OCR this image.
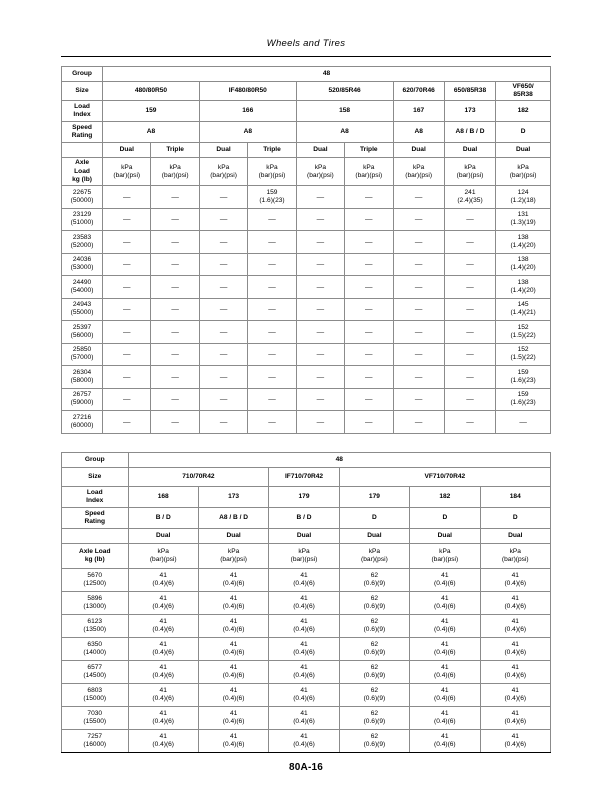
Wheels and Tires
Group	48								
Size	480/80R50		IF480/80R50		520/85R46		620/70R46	650/85R38	VF650/
85R38

Load
Index	159		166		158		167	173	182

Speed
Rating	A8		A8		A8		A8	A8 / B / D	D
	Dual	Triple	Dual	Triple	Dual	Triple	Dual	Dual	Dual

Axle
Load
kg (lb)	kPa
(bar)(psi)	kPa
(bar)(psi)	kPa
(bar)(psi)	kPa
(bar)(psi)	kPa
(bar)(psi)	kPa
(bar)(psi)	kPa
(bar)(psi)	kPa
(bar)(psi)	kPa
(bar)(psi)

22675
(50000)	—	—	—	159
(1.6)(23)	—	—	—	241
(2.4)(35)	124
(1.2)(18)

23129
(51000)	—	—	—	—	—	—	—	—	131
(1.3)(19)

23583
(52000)	—	—	—	—	—	—	—	—	138
(1.4)(20)

24036
(53000)	—	—	—	—	—	—	—	—	138
(1.4)(20)

24490
(54000)	—	—	—	—	—	—	—	—	138
(1.4)(20)

24943
(55000)	—	—	—	—	—	—	—	—	145
(1.4)(21)

25397
(56000)	—	—	—	—	—	—	—	—	152
(1.5)(22)

25850
(57000)	—	—	—	—	—	—	—	—	152
(1.5)(22)

26304
(58000)	—	—	—	—	—	—	—	—	159
(1.6)(23)

26757
(59000)	—	—	—	—	—	—	—	—	159
(1.6)(23)

27216
(60000)	—	—	—	—	—	—	—	—	—
Group	48					
Size	710/70R42		IF710/70R42	VF710/70R42		

Load
Index	168	173	179	179	182	184

Speed
Rating	B / D	A8 / B / D	B / D	D	D	D
	Dual	Dual	Dual	Dual	Dual	Dual

Axle Load
kg (lb)	kPa
(bar)(psi)	kPa
(bar)(psi)	kPa
(bar)(psi)	kPa
(bar)(psi)	kPa
(bar)(psi)	kPa
(bar)(psi)

5670
(12500)	41
(0.4)(6)	41
(0.4)(6)	41
(0.4)(6)	62
(0.6)(9)	41
(0.4)(6)	41
(0.4)(6)

5896
(13000)	41
(0.4)(6)	41
(0.4)(6)	41
(0.4)(6)	62
(0.6)(9)	41
(0.4)(6)	41
(0.4)(6)

6123
(13500)	41
(0.4)(6)	41
(0.4)(6)	41
(0.4)(6)	62
(0.6)(9)	41
(0.4)(6)	41
(0.4)(6)

6350
(14000)	41
(0.4)(6)	41
(0.4)(6)	41
(0.4)(6)	62
(0.6)(9)	41
(0.4)(6)	41
(0.4)(6)

6577
(14500)	41
(0.4)(6)	41
(0.4)(6)	41
(0.4)(6)	62
(0.6)(9)	41
(0.4)(6)	41
(0.4)(6)

6803
(15000)	41
(0.4)(6)	41
(0.4)(6)	41
(0.4)(6)	62
(0.6)(9)	41
(0.4)(6)	41
(0.4)(6)

7030
(15500)	41
(0.4)(6)	41
(0.4)(6)	41
(0.4)(6)	62
(0.6)(9)	41
(0.4)(6)	41
(0.4)(6)

7257
(16000)	41
(0.4)(6)	41
(0.4)(6)	41
(0.4)(6)	62
(0.6)(9)	41
(0.4)(6)	41
(0.4)(6)
80A-16
